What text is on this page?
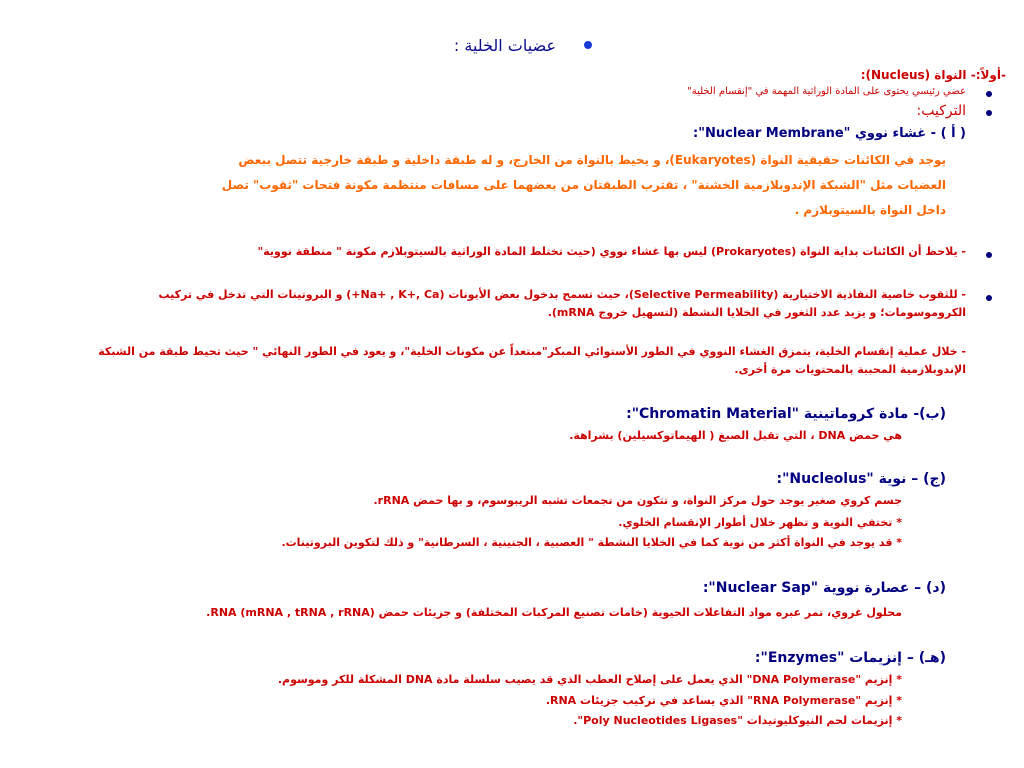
عضيات الخلية :

-أولاً:- النواة (Nucleus):

عضي رئيسي يحتوى على المادة الوراثية المهمة في "إنقسام الخلية"

التركيب:

( أ ) - غشاء نووي "Nuclear Membrane":

يوجد في الكائنات حقيقية النواة (Eukaryotes)، و يحيط بالنواة من الخارج، و له طبقة داخلية و طبقة خارجية تتصل ببعض

العضيات مثل "الشبكة الإندوبلازمية الخشنة" ، تقترب الطبقتان من بعضهما على مسافات منتظمة مكونة فتحات "ثقوب" تصل

داخل النواة بالسيتوبلازم .

- يلاحظ أن الكائنات بداية النواة (Prokaryotes) ليس بها غشاء نووي (حيث تختلط المادة الوراثية بالسيتوبلازم مكونة " منطقة نووية"

- للثقوب خاصية النفاذية الاختيارية (Selective Permeability)، حيث تسمح بدخول بعض الأيونات (Na+ , K+, Ca+) و البروتينات التي تدخل في تركيب

الكروموسومات؛ و يزيد عدد الثغور في الخلايا النشطة (لتسهيل خروج mRNA).

- خلال عملية إنقسام الخلية، يتمزق الغشاء النووي في الطور الأستوائي المبكر"مبتعداً عن مكونات الخلية"، و يعود في الطور النهائي " حيث تحيط طبقة من الشبكة

الإندوبلازمية المحببة بالمحتويات مرة أخرى.

(ب)- مادة كروماتينية "Chromatin Material":

هي حمض DNA ، التي تقبل الصبغ ( الهيماتوكسيلين) بشراهة.

(ج) – نوية "Nucleolus":

جسم كروي صغير يوجد حول مركز النواة، و تتكون من تجمعات تشبه الريبوسوم، و بها حمض rRNA.

* تختفي النوية و تظهر خلال أطوار الإنقسام الخلوي.

* قد يوجد في النواة أكثر من نوية كما في الخلايا النشطة " العصبية ، الجنينية ، السرطانية" و ذلك لتكوين البروتينات.

(د) – عصارة نووية "Nuclear Sap":

محلول غروي، تمر عبره مواد التفاعلات الحيوية (خامات تصنيع المركبات المختلفة) و جزيئات حمض RNA (mRNA , tRNA , rRNA).

(هـ) – إنزيمات "Enzymes":

* إنزيم "DNA Polymerase" الذي يعمل على إصلاح العطب الذي قد يصيب سلسلة مادة DNA المشكلة للكر وموسوم.

* إنزيم "RNA Polymerase" الذي يساعد في تركيب جزيئات RNA.

* إنزيمات لحم النيوكليوتيدات "Poly Nucleotides Ligases".
